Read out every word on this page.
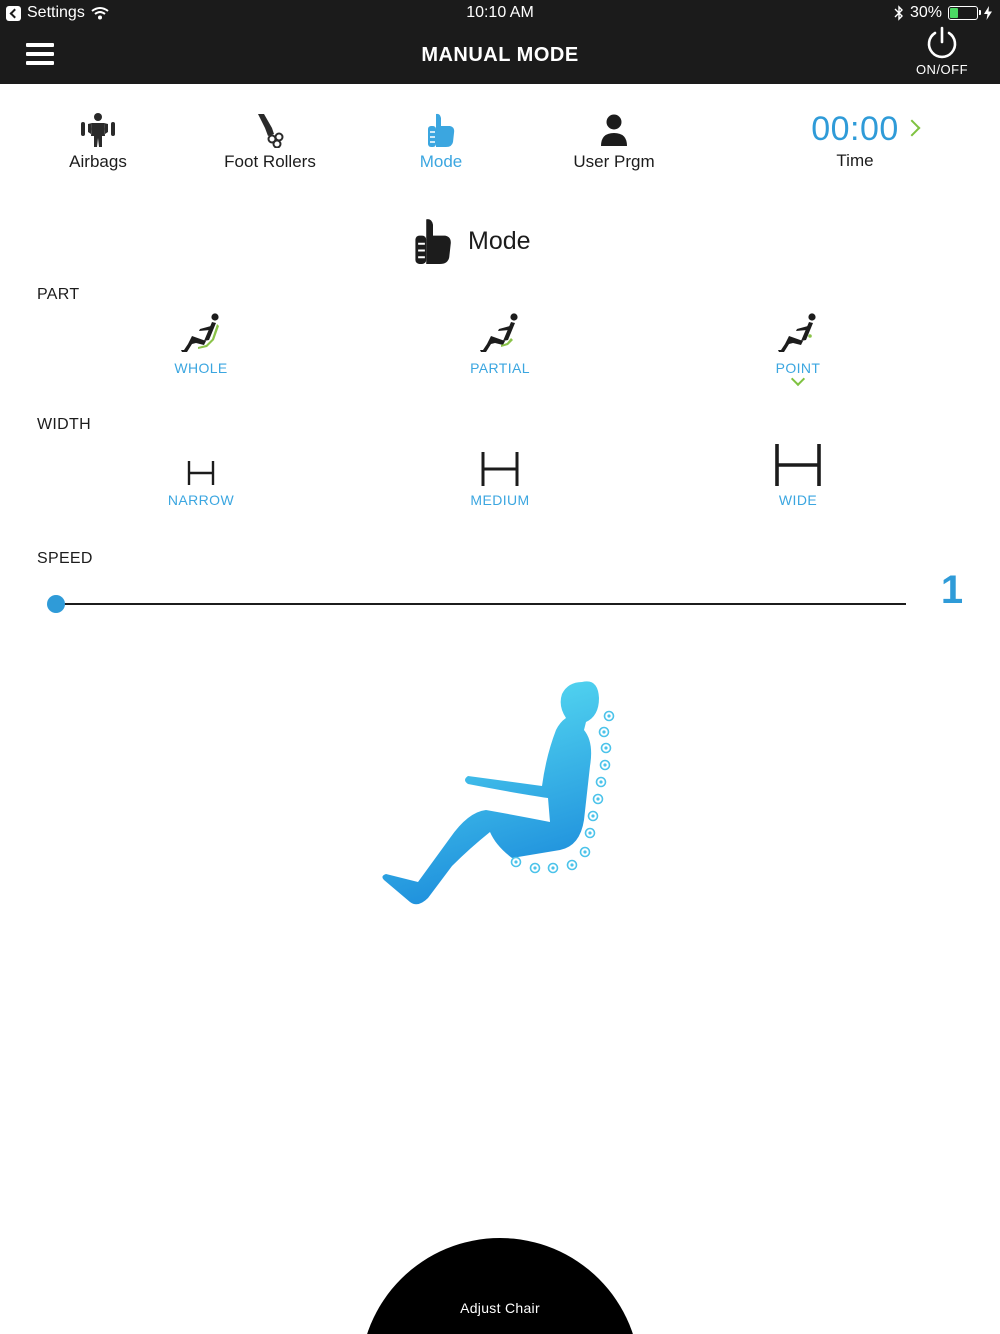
Settings	10:10 AM	30%
MANUAL MODE
ON/OFF
Airbags	Foot Rollers	Mode	User Prgm
00:00
Time
Mode
PART
WHOLE	PARTIAL	POINT
WIDTH
NARROW	MEDIUM	WIDE
SPEED
1
Adjust Chair
